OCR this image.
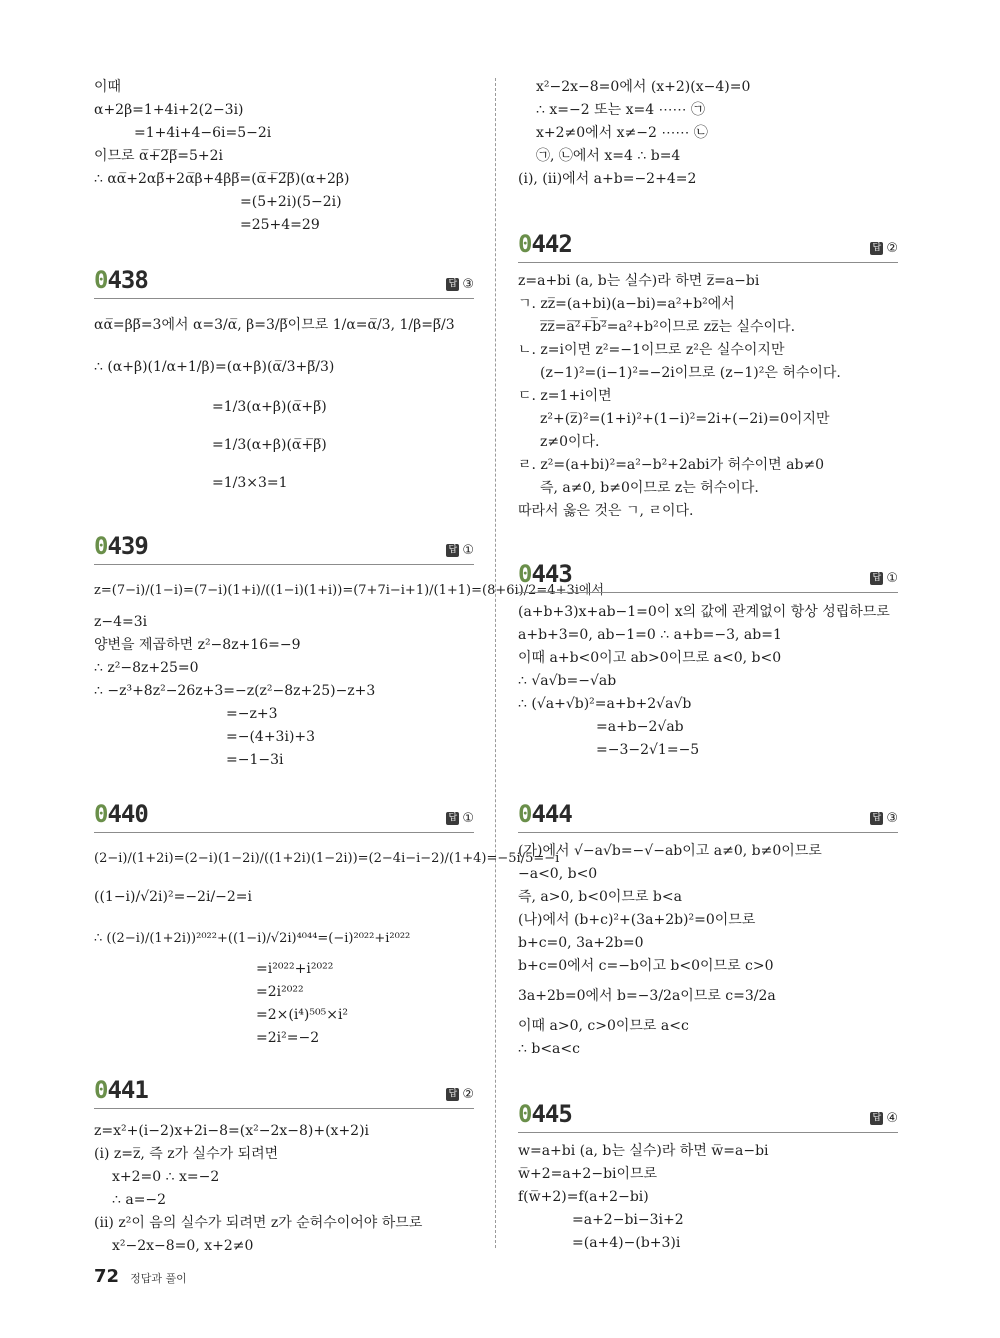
이때
α+2β=1+4i+2(2−3i)
=1+4i+4−6i=5−2i
이므로 α̅+̅2̅β̅=5+2i
∴ αα̅+2αβ̅+2α̅β+4ββ̅=(α̅+̅2̅β̅)(α+2β)
=(5+2i)(5−2i)
=25+4=29
0438	답 ③
αα̅=ββ̅=3에서 α=3/α̅, β=3/β̅이므로 1/α=α̅/3, 1/β=β̅/3
∴ (α+β)(1/α+1/β)=(α+β)(α̅/3+β̅/3)
=1/3(α+β)(α̅+β̅)
=1/3(α+β)(α̅+̅β̅)
=1/3×3=1
0439	답 ①
z=(7−i)/(1−i)=(7−i)(1+i)/((1−i)(1+i))=(7+7i−i+1)/(1+1)=(8+6i)/2=4+3i에서
z−4=3i
양변을 제곱하면 z²−8z+16=−9
∴ z²−8z+25=0
∴ −z³+8z²−26z+3=−z(z²−8z+25)−z+3
=−z+3
=−(4+3i)+3
=−1−3i
0440	답 ①
(2−i)/(1+2i)=(2−i)(1−2i)/((1+2i)(1−2i))=(2−4i−i−2)/(1+4)=−5i/5=−i
((1−i)/√2i)²=−2i/−2=i
∴ ((2−i)/(1+2i))²⁰²²+((1−i)/√2i)⁴⁰⁴⁴=(−i)²⁰²²+i²⁰²²
=i²⁰²²+i²⁰²²
=2i²⁰²²
=2×(i⁴)⁵⁰⁵×i²
=2i²=−2
0441	답 ②
z=x²+(i−2)x+2i−8=(x²−2x−8)+(x+2)i
(i) z=z̅, 즉 z가 실수가 되려면
x+2=0 ∴ x=−2
∴ a=−2
(ii) z²이 음의 실수가 되려면 z가 순허수이어야 하므로
x²−2x−8=0, x+2≠0
x²−2x−8=0에서 (x+2)(x−4)=0
∴ x=−2 또는 x=4 ⋯⋯ ㉠
x+2≠0에서 x≠−2 ⋯⋯ ㉡
㉠, ㉡에서 x=4 ∴ b=4
(i), (ii)에서 a+b=−2+4=2
0442	답 ②
z=a+bi (a, b는 실수)라 하면 z̅=a−bi
ㄱ. zz̅=(a+bi)(a−bi)=a²+b²에서
z̅z̅̅=a̅²̅+̅b̅²̅=a²+b²이므로 zz̅는 실수이다.
ㄴ. z=i이면 z²=−1이므로 z²은 실수이지만
(z−1)²=(i−1)²=−2i이므로 (z−1)²은 허수이다.
ㄷ. z=1+i이면
z²+(z̅)²=(1+i)²+(1−i)²=2i+(−2i)=0이지만
z≠0이다.
ㄹ. z²=(a+bi)²=a²−b²+2abi가 허수이면 ab≠0
즉, a≠0, b≠0이므로 z는 허수이다.
따라서 옳은 것은 ㄱ, ㄹ이다.
0443	답 ①
(a+b+3)x+ab−1=0이 x의 값에 관계없이 항상 성립하므로
a+b+3=0, ab−1=0 ∴ a+b=−3, ab=1
이때 a+b<0이고 ab>0이므로 a<0, b<0
∴ √a√b=−√ab
∴ (√a+√b)²=a+b+2√a√b
=a+b−2√ab
=−3−2√1=−5
0444	답 ③
(가)에서 √−a√b=−√−ab이고 a≠0, b≠0이므로
−a<0, b<0
즉, a>0, b<0이므로 b<a
(나)에서 (b+c)²+(3a+2b)²=0이므로
b+c=0, 3a+2b=0
b+c=0에서 c=−b이고 b<0이므로 c>0
3a+2b=0에서 b=−3/2a이므로 c=3/2a
이때 a>0, c>0이므로 a<c
∴ b<a<c
0445	답 ④
w=a+bi (a, b는 실수)라 하면 w̅=a−bi
w̅+2=a+2−bi이므로
f(w̅+2)=f(a+2−bi)
=a+2−bi−3i+2
=(a+4)−(b+3)i
72 정답과 풀이
